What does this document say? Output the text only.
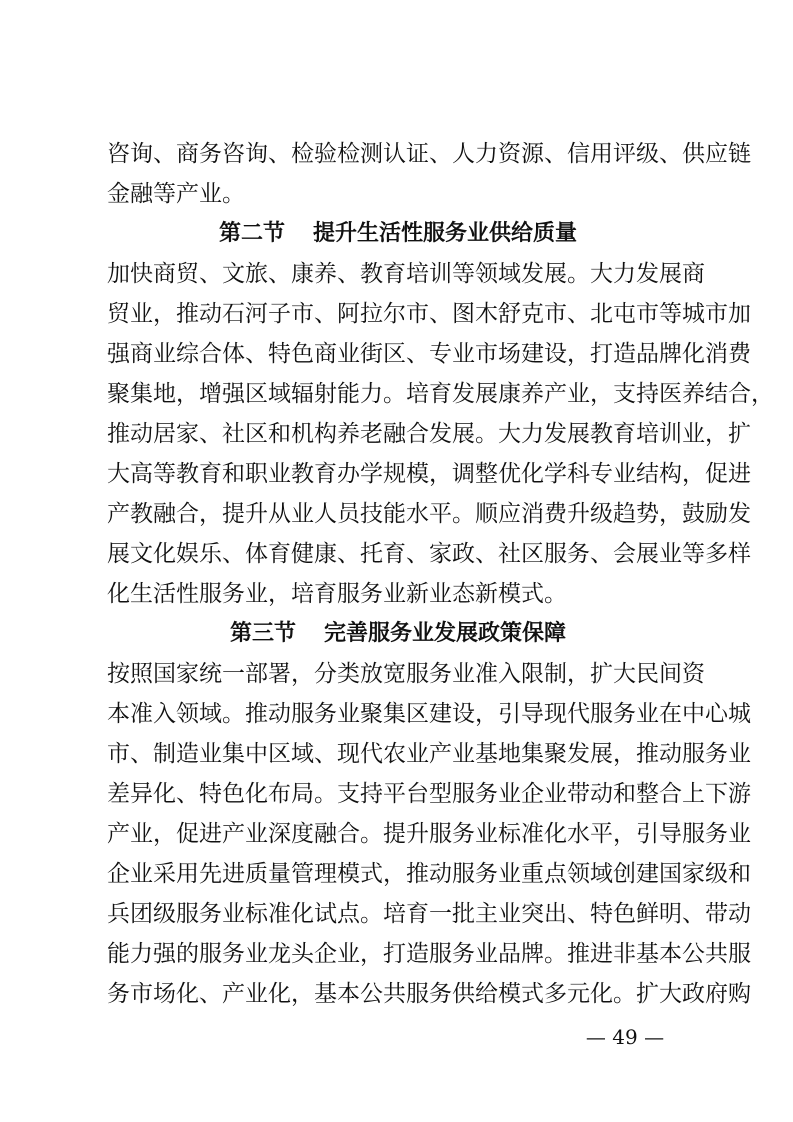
咨询、商务咨询、检验检测认证、人力资源、信用评级、供应链
金融等产业。
第二节 提升生活性服务业供给质量
加快商贸、文旅、康养、教育培训等领域发展。大力发展商
贸业，推动石河子市、阿拉尔市、图木舒克市、北屯市等城市加
强商业综合体、特色商业街区、专业市场建设，打造品牌化消费
聚集地，增强区域辐射能力。培育发展康养产业，支持医养结合，
推动居家、社区和机构养老融合发展。大力发展教育培训业，扩
大高等教育和职业教育办学规模，调整优化学科专业结构，促进
产教融合，提升从业人员技能水平。顺应消费升级趋势，鼓励发
展文化娱乐、体育健康、托育、家政、社区服务、会展业等多样
化生活性服务业，培育服务业新业态新模式。
第三节 完善服务业发展政策保障
按照国家统一部署，分类放宽服务业准入限制，扩大民间资
本准入领域。推动服务业聚集区建设，引导现代服务业在中心城
市、制造业集中区域、现代农业产业基地集聚发展，推动服务业
差异化、特色化布局。支持平台型服务业企业带动和整合上下游
产业，促进产业深度融合。提升服务业标准化水平，引导服务业
企业采用先进质量管理模式，推动服务业重点领域创建国家级和
兵团级服务业标准化试点。培育一批主业突出、特色鲜明、带动
能力强的服务业龙头企业，打造服务业品牌。推进非基本公共服
务市场化、产业化，基本公共服务供给模式多元化。扩大政府购
— 49 —
